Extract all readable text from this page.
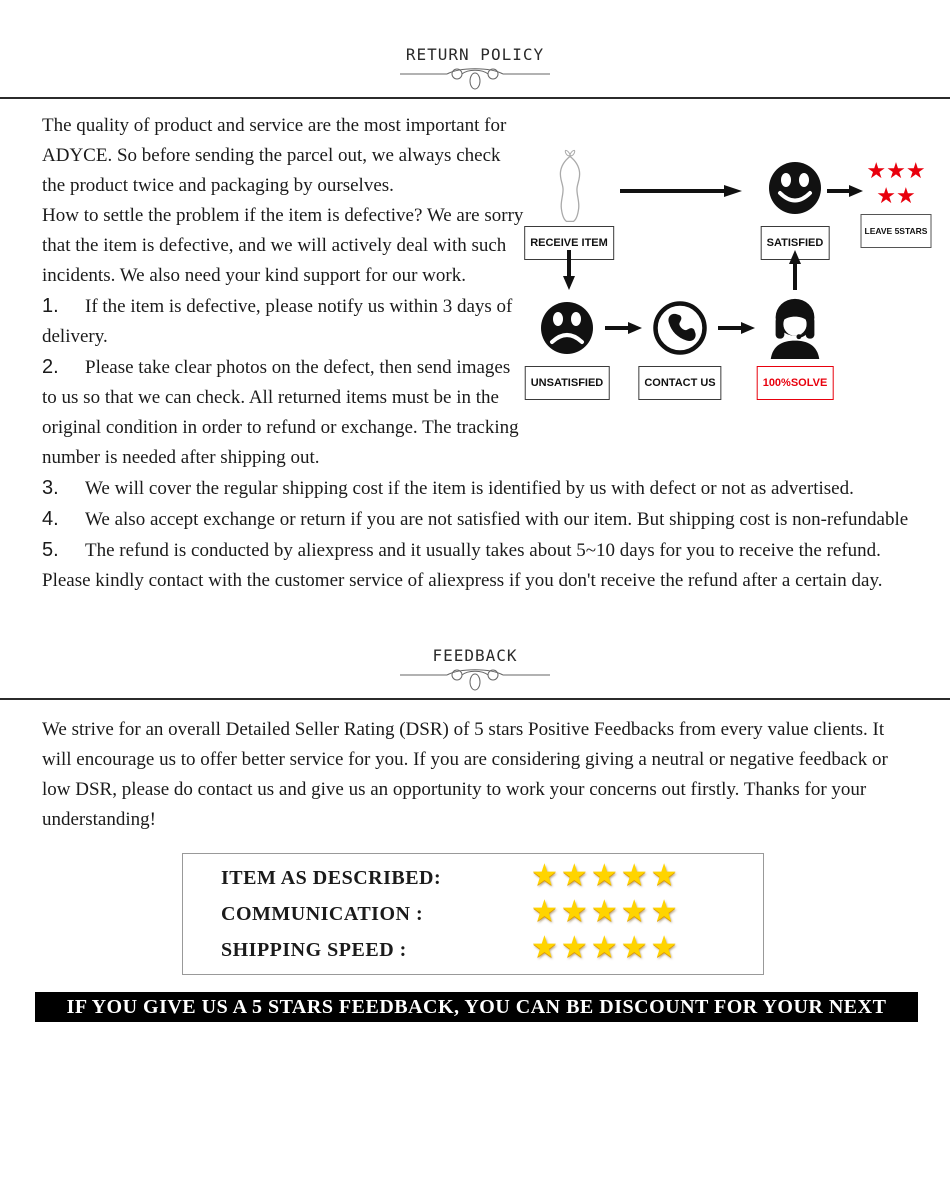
RETURN POLICY
RECEIVE ITEM	SATISFIED
★★★
★★
LEAVE 5STARS
UNSATISFIED	CONTACT US	100%SOLVE

The quality of product and service are the most important for ADYCE. So before sending the parcel out, we always check the product twice and packaging by ourselves.

How to settle the problem if the item is defective? We are sorry that the item is defective, and we will actively deal with such incidents. We also need your kind support for our work.

1. If the item is defective, please notify us within 3 days of delivery.

2. Please take clear photos on the defect, then send images to us so that we can check. All returned items must be in the original condition in order to refund or exchange. The tracking number is needed after shipping out.

3. We will cover the regular shipping cost if the item is identified by us with defect or not as advertised.

4. We also accept exchange or return if you are not satisfied with our item. But shipping cost is non-refundable

5. The refund is conducted by aliexpress and it usually takes about 5~10 days for you to receive the refund. Please kindly contact with the customer service of aliexpress if you don't receive the refund after a certain day.

FEEDBACK

We strive for an overall Detailed Seller Rating (DSR) of 5 stars Positive Feedbacks from every value clients. It will encourage us to offer better service for you. If you are considering giving a neutral or negative feedback or low DSR, please do contact us and give us an opportunity to work your concerns out firstly. Thanks for your understanding!

ITEM AS DESCRIBED:	★★★★★
COMMUNICATION :	★★★★★
SHIPPING SPEED :	★★★★★
IF YOU GIVE US A 5 STARS FEEDBACK, YOU CAN BE DISCOUNT FOR YOUR NEXT ORDER
